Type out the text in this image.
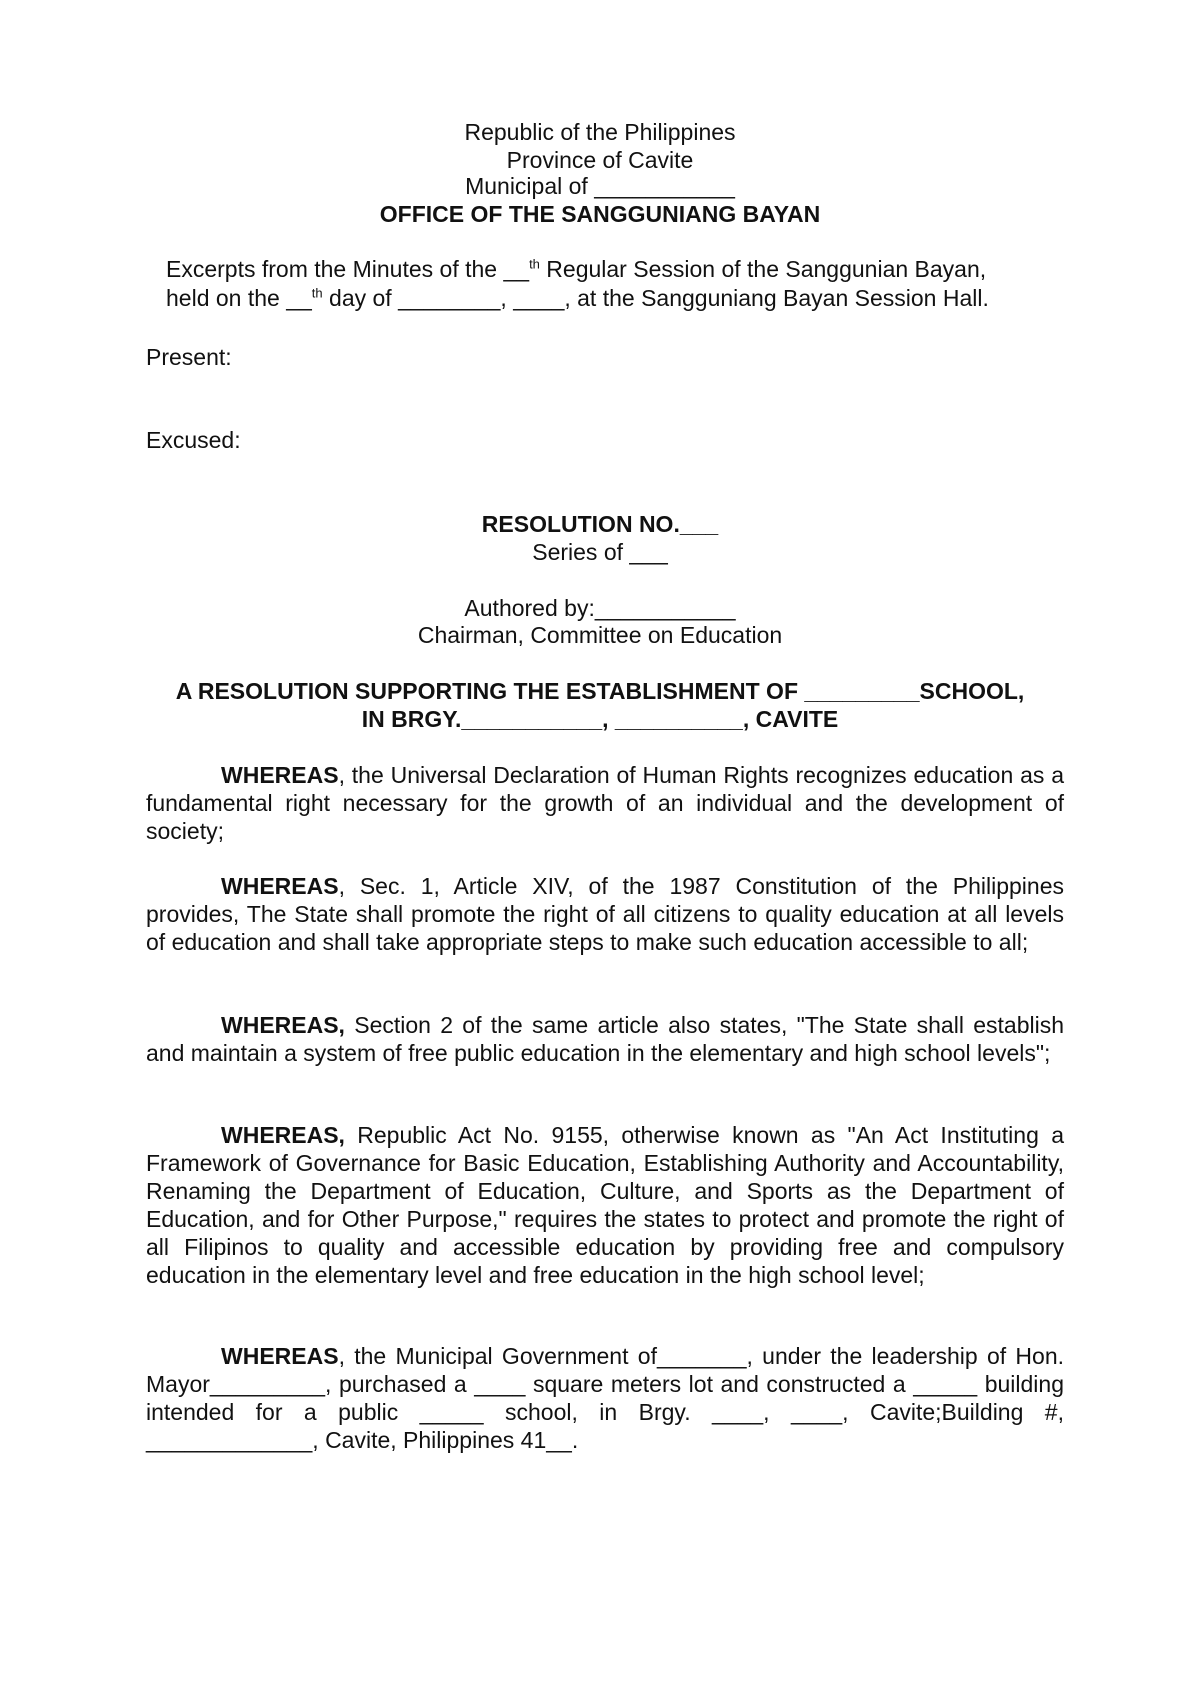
Republic of the Philippines
Province of Cavite
Municipal of ___________
OFFICE OF THE SANGGUNIANG BAYAN
Excerpts from the Minutes of the __$^{th}$ Regular Session of the Sanggunian Bayan,
held on the __$^{th}$ day of ________, ____, at the Sangguniang Bayan Session Hall.
Present:
Excused:
RESOLUTION NO.___
Series of ___
Authored by:___________
Chairman, Committee on Education
A RESOLUTION SUPPORTING THE ESTABLISHMENT OF _________SCHOOL,
IN BRGY.___________, __________, CAVITE
WHEREAS, the Universal Declaration of Human Rights recognizes education as a fundamental right necessary for the growth of an individual and the development of society;
WHEREAS, Sec. 1, Article XIV, of the 1987 Constitution of the Philippines provides, The State shall promote the right of all citizens to quality education at all levels of education and shall take appropriate steps to make such education accessible to all;
WHEREAS, Section 2 of the same article also states, "The State shall establish and maintain a system of free public education in the elementary and high school levels";
WHEREAS, Republic Act No. 9155, otherwise known as "An Act Instituting a Framework of Governance for Basic Education, Establishing Authority and Accountability, Renaming the Department of Education, Culture, and Sports as the Department of Education, and for Other Purpose," requires the states to protect and promote the right of all Filipinos to quality and accessible education by providing free and compulsory education in the elementary level and free education in the high school level;
WHEREAS, the Municipal Government of_______, under the leadership of Hon. Mayor_________, purchased a ____ square meters lot and constructed a _____ building intended for a public _____ school, in Brgy. ____, ____, Cavite;Building #, _____________, Cavite, Philippines 41__.
